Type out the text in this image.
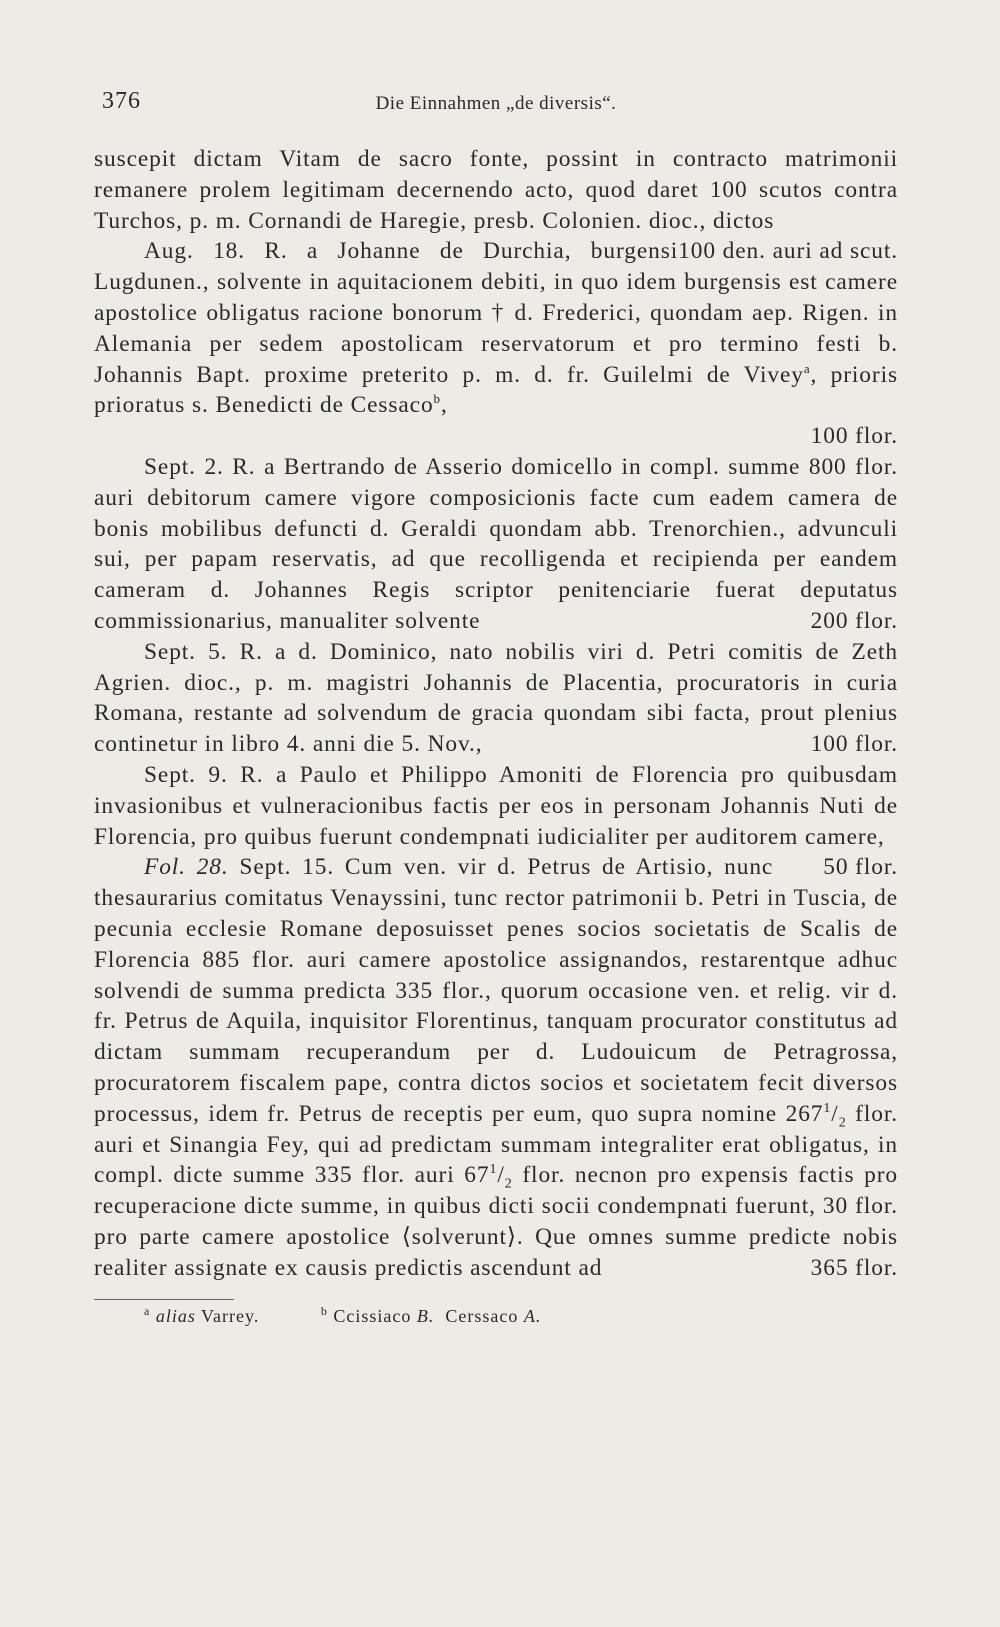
376	Die Einnahmen „de diversis“.

suscepit dictam Vitam de sacro fonte, possint in contracto matrimonii remanere prolem legitimam decernendo acto, quod daret 100 scutos contra Turchos, p. m. Cornandi de Haregie, presb. Colonien. dioc., dictos
100 den. auri ad scut.

Aug. 18. R. a Johanne de Durchia, burgensi Lugdunen., solvente in aquitacionem debiti, in quo idem burgensis est camere apostolice obligatus racione bonorum † d. Frederici, quondam aep. Rigen. in Alemania per sedem apostolicam reservatorum et pro termino festi b. Johannis Bapt. proxime preterito p. m. d. fr. Guilelmi de Vivey$^a$, prioris prioratus s. Benedicti de Cessaco$^b$,

100 flor.

Sept. 2. R. a Bertrando de Asserio domicello in compl. summe 800 flor. auri debitorum camere vigore composicionis facte cum eadem camera de bonis mobilibus defuncti d. Geraldi quondam abb. Trenorchien., advunculi sui, per papam reservatis, ad que recolligenda et recipienda per eandem cameram d. Johannes Regis scriptor penitenciarie fuerat deputatus commissionarius, manualiter solvente	200 flor.

Sept. 5. R. a d. Dominico, nato nobilis viri d. Petri comitis de Zeth Agrien. dioc., p. m. magistri Johannis de Placentia, procuratoris in curia Romana, restante ad solvendum de gracia quondam sibi facta, prout plenius continetur in libro 4. anni die 5. Nov.,	100 flor.

Sept. 9. R. a Paulo et Philippo Amoniti de Florencia pro quibusdam invasionibus et vulneracionibus factis per eos in personam Johannis Nuti de Florencia, pro quibus fuerunt condempnati iudicialiter per auditorem camere,
50 flor.

Fol. 28. Sept. 15. Cum ven. vir d. Petrus de Artisio, nunc thesaurarius comitatus Venayssini, tunc rector patrimonii b. Petri in Tuscia, de pecunia ecclesie Romane deposuisset penes socios societatis de Scalis de Florencia 885 flor. auri camere apostolice assignandos, restarentque adhuc solvendi de summa predicta 335 flor., quorum occasione ven. et relig. vir d. fr. Petrus de Aquila, inquisitor Florentinus, tanquam procurator constitutus ad dictam summam recuperandum per d. Ludouicum de Petragrossa, procuratorem fiscalem pape, contra dictos socios et societatem fecit diversos processus, idem fr. Petrus de receptis per eum, quo supra nomine $267^1/_2$ flor. auri et Sinangia Fey, qui ad predictam summam integraliter erat obligatus, in compl. dicte summe 335 flor. auri $67^1/_2$ flor. necnon pro expensis factis pro recuperacione dicte summe, in quibus dicti socii condempnati fuerunt, 30 flor. pro parte camere apostolice ⟨solverunt⟩. Que omnes summe predicte nobis realiter assignate ex causis predictis ascendunt ad	365 flor.

$^a$ alias Varrey.	$^b$ Ccissiaco B. Cerssaco A.
